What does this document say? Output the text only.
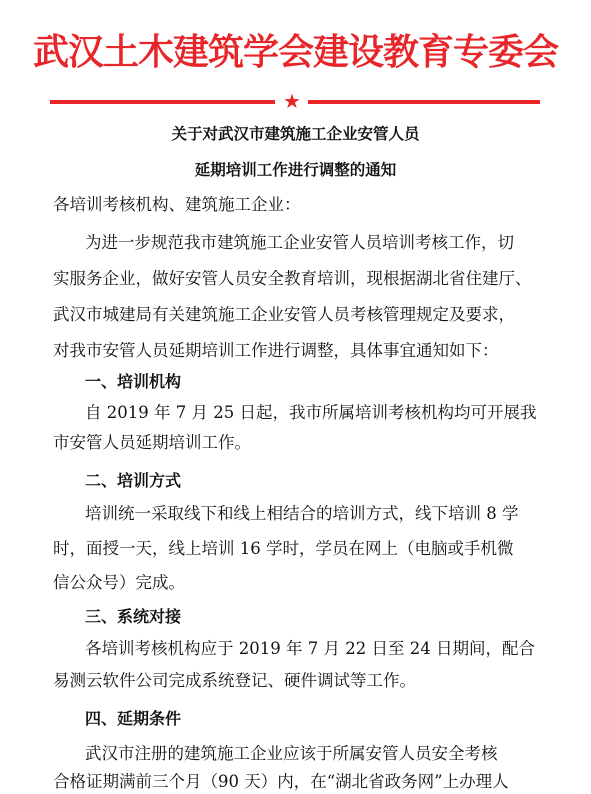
武汉土木建筑学会建设教育专委会
★
关于对武汉市建筑施工企业安管人员
延期培训工作进行调整的通知
各培训考核机构、建筑施工企业：
为进一步规范我市建筑施工企业安管人员培训考核工作，切
实服务企业，做好安管人员安全教育培训，现根据湖北省住建厅、
武汉市城建局有关建筑施工企业安管人员考核管理规定及要求，
对我市安管人员延期培训工作进行调整，具体事宜通知如下：
一、培训机构
自 2019 年 7 月 25 日起，我市所属培训考核机构均可开展我
市安管人员延期培训工作。
二、培训方式
培训统一采取线下和线上相结合的培训方式，线下培训 8 学
时，面授一天，线上培训 16 学时，学员在网上（电脑或手机微
信公众号）完成。
三、系统对接
各培训考核机构应于 2019 年 7 月 22 日至 24 日期间，配合
易测云软件公司完成系统登记、硬件调试等工作。
四、延期条件
武汉市注册的建筑施工企业应该于所属安管人员安全考核
合格证期满前三个月（90 天）内，在“湖北省政务网”上办理人
